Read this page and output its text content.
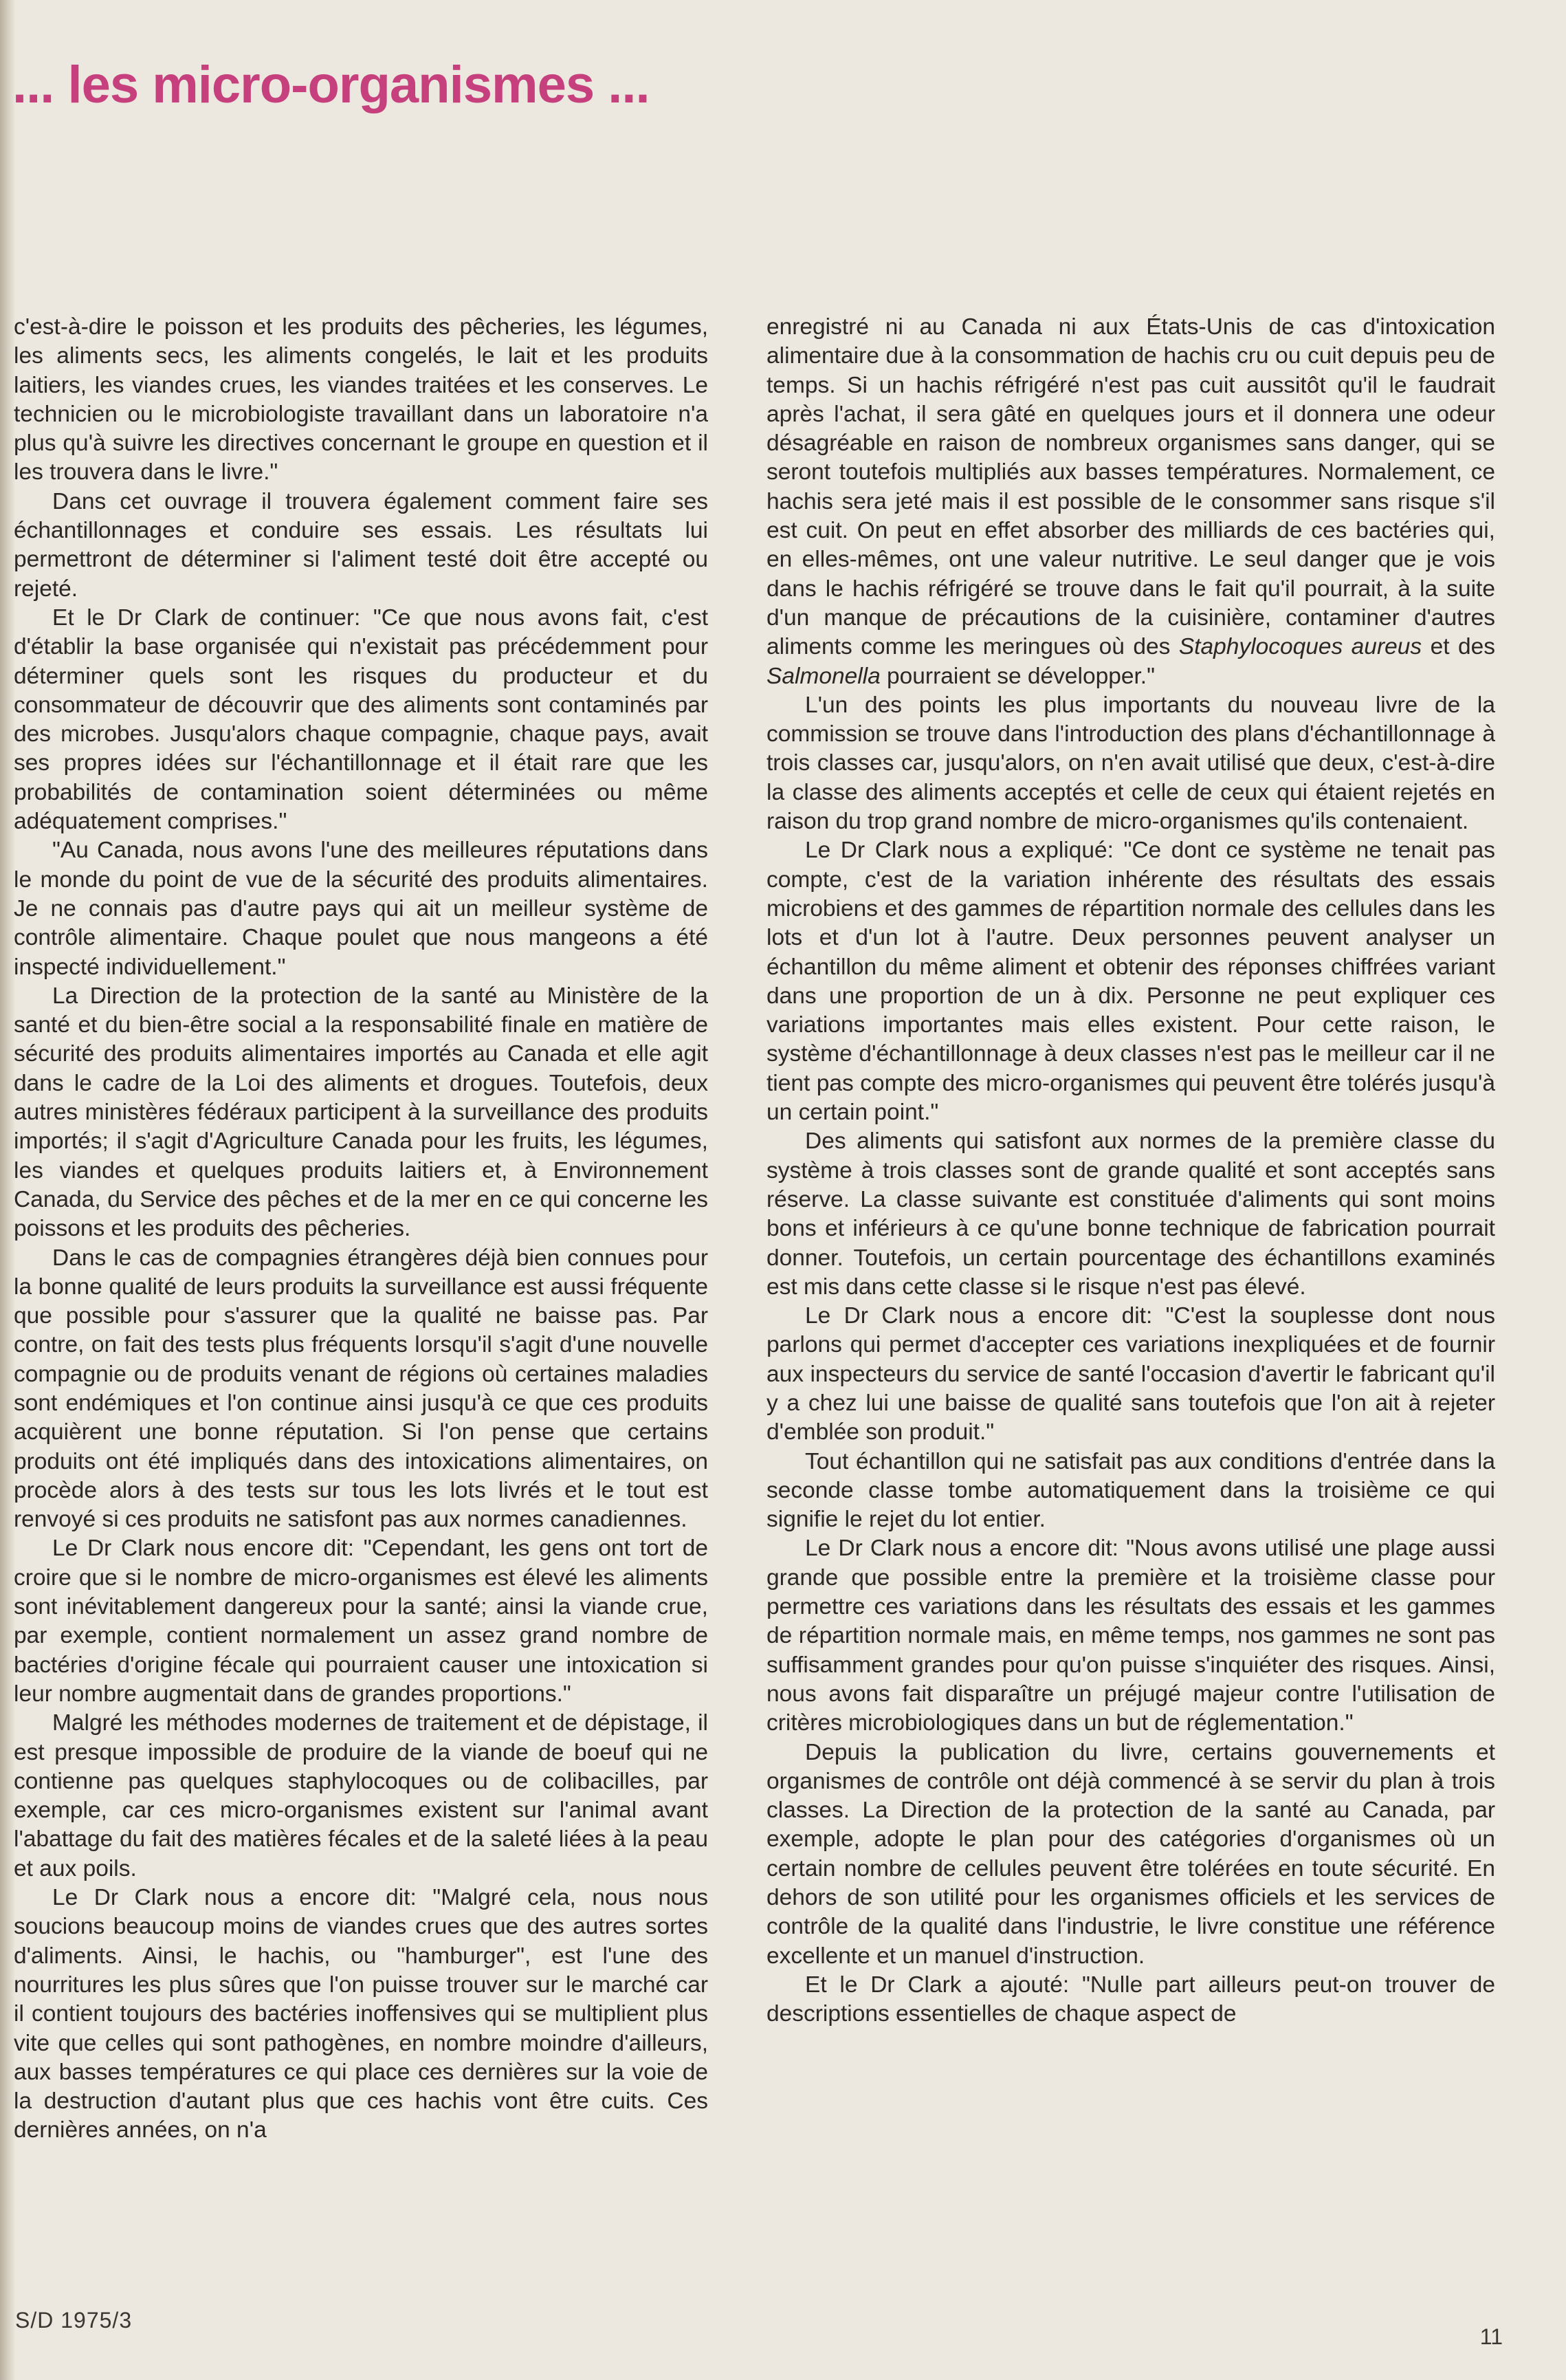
... les micro-organismes ...

c'est-à-dire le poisson et les produits des pêcheries, les légumes, les aliments secs, les aliments congelés, le lait et les produits laitiers, les viandes crues, les viandes traitées et les conserves. Le technicien ou le microbiologiste travaillant dans un laboratoire n'a plus qu'à suivre les directives concernant le groupe en question et il les trouvera dans le livre."

Dans cet ouvrage il trouvera également comment faire ses échantillonnages et conduire ses essais. Les résultats lui permettront de déterminer si l'aliment testé doit être accepté ou rejeté.

Et le Dr Clark de continuer: "Ce que nous avons fait, c'est d'établir la base organisée qui n'existait pas précédemment pour déterminer quels sont les risques du producteur et du consommateur de découvrir que des aliments sont contaminés par des microbes. Jusqu'alors chaque compagnie, chaque pays, avait ses propres idées sur l'échantillonnage et il était rare que les probabilités de contamination soient déterminées ou même adéquatement comprises."

"Au Canada, nous avons l'une des meilleures réputations dans le monde du point de vue de la sécurité des produits alimentaires. Je ne connais pas d'autre pays qui ait un meilleur système de contrôle alimentaire. Chaque poulet que nous mangeons a été inspecté individuellement."

La Direction de la protection de la santé au Ministère de la santé et du bien-être social a la responsabilité finale en matière de sécurité des produits alimentaires importés au Canada et elle agit dans le cadre de la Loi des aliments et drogues. Toutefois, deux autres ministères fédéraux participent à la surveillance des produits importés; il s'agit d'Agriculture Canada pour les fruits, les légumes, les viandes et quelques produits laitiers et, à Environnement Canada, du Service des pêches et de la mer en ce qui concerne les poissons et les produits des pêcheries.

Dans le cas de compagnies étrangères déjà bien connues pour la bonne qualité de leurs produits la surveillance est aussi fréquente que possible pour s'assurer que la qualité ne baisse pas. Par contre, on fait des tests plus fréquents lorsqu'il s'agit d'une nouvelle compagnie ou de produits venant de régions où certaines maladies sont endémiques et l'on continue ainsi jusqu'à ce que ces produits acquièrent une bonne réputation. Si l'on pense que certains produits ont été impliqués dans des intoxications alimentaires, on procède alors à des tests sur tous les lots livrés et le tout est renvoyé si ces produits ne satisfont pas aux normes canadiennes.

Le Dr Clark nous encore dit: "Cependant, les gens ont tort de croire que si le nombre de micro-organismes est élevé les aliments sont inévitablement dangereux pour la santé; ainsi la viande crue, par exemple, contient normalement un assez grand nombre de bactéries d'origine fécale qui pourraient causer une intoxication si leur nombre augmentait dans de grandes proportions."

Malgré les méthodes modernes de traitement et de dépistage, il est presque impossible de produire de la viande de boeuf qui ne contienne pas quelques staphylocoques ou de colibacilles, par exemple, car ces micro-organismes existent sur l'animal avant l'abattage du fait des matières fécales et de la saleté liées à la peau et aux poils.

Le Dr Clark nous a encore dit: "Malgré cela, nous nous soucions beaucoup moins de viandes crues que des autres sortes d'aliments. Ainsi, le hachis, ou "hamburger", est l'une des nourritures les plus sûres que l'on puisse trouver sur le marché car il contient toujours des bactéries inoffensives qui se multiplient plus vite que celles qui sont pathogènes, en nombre moindre d'ailleurs, aux basses températures ce qui place ces dernières sur la voie de la destruction d'autant plus que ces hachis vont être cuits. Ces dernières années, on n'a

enregistré ni au Canada ni aux États-Unis de cas d'intoxication alimentaire due à la consommation de hachis cru ou cuit depuis peu de temps. Si un hachis réfrigéré n'est pas cuit aussitôt qu'il le faudrait après l'achat, il sera gâté en quelques jours et il donnera une odeur désagréable en raison de nombreux organismes sans danger, qui se seront toutefois multipliés aux basses températures. Normalement, ce hachis sera jeté mais il est possible de le consommer sans risque s'il est cuit. On peut en effet absorber des milliards de ces bactéries qui, en elles-mêmes, ont une valeur nutritive. Le seul danger que je vois dans le hachis réfrigéré se trouve dans le fait qu'il pourrait, à la suite d'un manque de précautions de la cuisinière, contaminer d'autres aliments comme les meringues où des Staphylocoques aureus et des Salmonella pourraient se développer."

L'un des points les plus importants du nouveau livre de la commission se trouve dans l'introduction des plans d'échantillonnage à trois classes car, jusqu'alors, on n'en avait utilisé que deux, c'est-à-dire la classe des aliments acceptés et celle de ceux qui étaient rejetés en raison du trop grand nombre de micro-organismes qu'ils contenaient.

Le Dr Clark nous a expliqué: "Ce dont ce système ne tenait pas compte, c'est de la variation inhérente des résultats des essais microbiens et des gammes de répartition normale des cellules dans les lots et d'un lot à l'autre. Deux personnes peuvent analyser un échantillon du même aliment et obtenir des réponses chiffrées variant dans une proportion de un à dix. Personne ne peut expliquer ces variations importantes mais elles existent. Pour cette raison, le système d'échantillonnage à deux classes n'est pas le meilleur car il ne tient pas compte des micro-organismes qui peuvent être tolérés jusqu'à un certain point."

Des aliments qui satisfont aux normes de la première classe du système à trois classes sont de grande qualité et sont acceptés sans réserve. La classe suivante est constituée d'aliments qui sont moins bons et inférieurs à ce qu'une bonne technique de fabrication pourrait donner. Toutefois, un certain pourcentage des échantillons examinés est mis dans cette classe si le risque n'est pas élevé.

Le Dr Clark nous a encore dit: "C'est la souplesse dont nous parlons qui permet d'accepter ces variations inexpliquées et de fournir aux inspecteurs du service de santé l'occasion d'avertir le fabricant qu'il y a chez lui une baisse de qualité sans toutefois que l'on ait à rejeter d'emblée son produit."

Tout échantillon qui ne satisfait pas aux conditions d'entrée dans la seconde classe tombe automatiquement dans la troisième ce qui signifie le rejet du lot entier.

Le Dr Clark nous a encore dit: "Nous avons utilisé une plage aussi grande que possible entre la première et la troisième classe pour permettre ces variations dans les résultats des essais et les gammes de répartition normale mais, en même temps, nos gammes ne sont pas suffisamment grandes pour qu'on puisse s'inquiéter des risques. Ainsi, nous avons fait disparaître un préjugé majeur contre l'utilisation de critères microbiologiques dans un but de réglementation."

Depuis la publication du livre, certains gouvernements et organismes de contrôle ont déjà commencé à se servir du plan à trois classes. La Direction de la protection de la santé au Canada, par exemple, adopte le plan pour des catégories d'organismes où un certain nombre de cellules peuvent être tolérées en toute sécurité. En dehors de son utilité pour les organismes officiels et les services de contrôle de la qualité dans l'industrie, le livre constitue une référence excellente et un manuel d'instruction.

Et le Dr Clark a ajouté: "Nulle part ailleurs peut-on trouver de descriptions essentielles de chaque aspect de

S/D 1975/3
11
